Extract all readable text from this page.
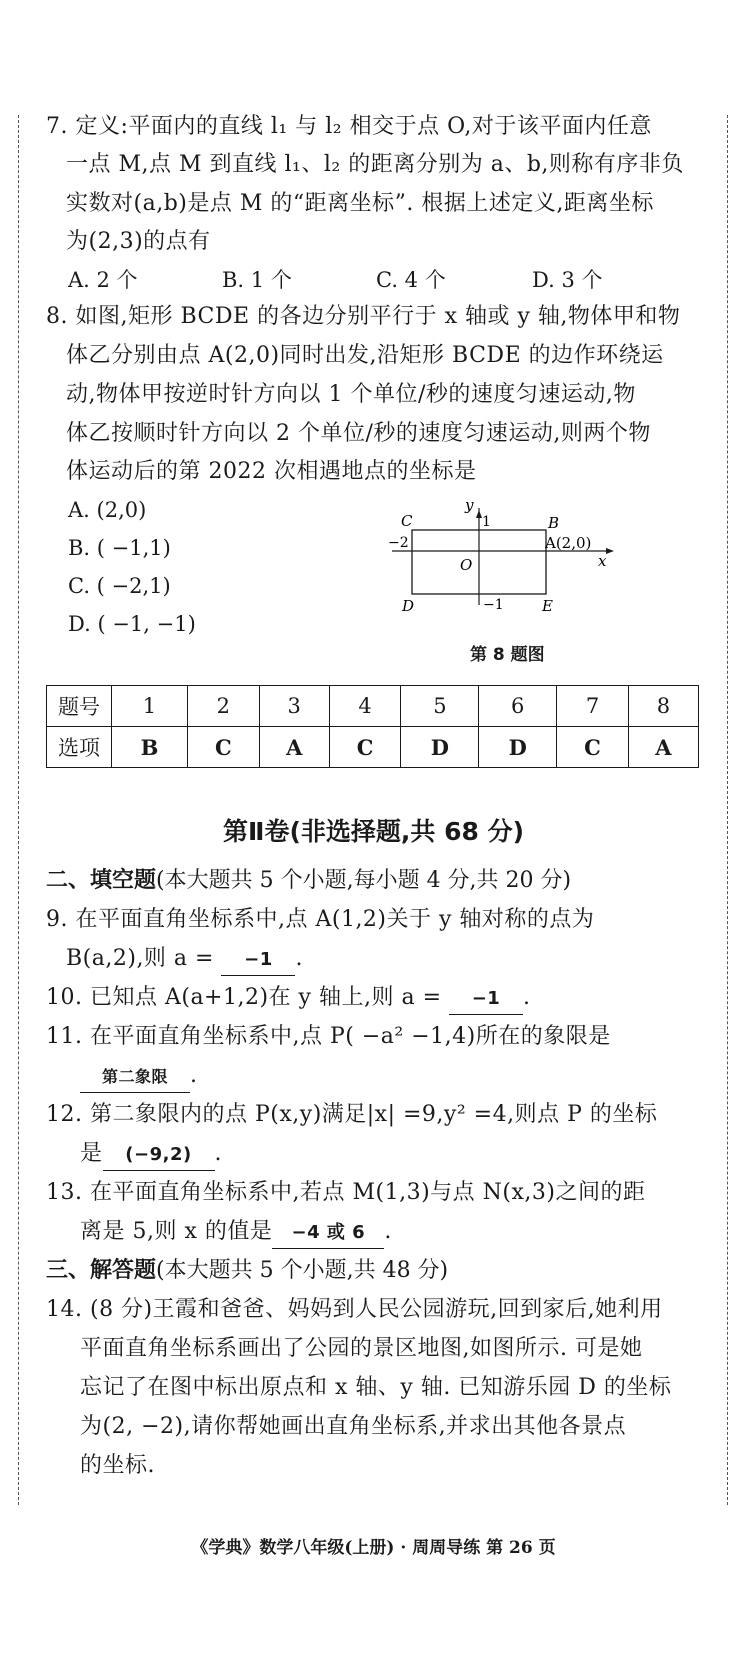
7. 定义:平面内的直线 l₁ 与 l₂ 相交于点 O,对于该平面内任意
一点 M,点 M 到直线 l₁、l₂ 的距离分别为 a、b,则称有序非负
实数对(a,b)是点 M 的“距离坐标”. 根据上述定义,距离坐标
为(2,3)的点有
A. 2 个	B. 1 个	C. 4 个	D. 3 个
8. 如图,矩形 BCDE 的各边分别平行于 x 轴或 y 轴,物体甲和物
体乙分别由点 A(2,0)同时出发,沿矩形 BCDE 的边作环绕运
动,物体甲按逆时针方向以 1 个单位/秒的速度匀速运动,物
体乙按顺时针方向以 2 个单位/秒的速度匀速运动,则两个物
体运动后的第 2022 次相遇地点的坐标是
A. (2,0)
B. ( −1,1)
C. ( −2,1)
D. ( −1, −1)
C	B
D	E
O
A(2,0)
x
y
1
−2
−1
第 8 题图
题号	1	2	3	4	5	6	7	8
选项	B	C	A	C	D	D	C	A
第Ⅱ卷(非选择题,共 68 分)
二、填空题(本大题共 5 个小题,每小题 4 分,共 20 分)
9. 在平面直角坐标系中,点 A(1,2)关于 y 轴对称的点为
B(a,2),则 a = −1 .
10. 已知点 A(a+1,2)在 y 轴上,则 a = −1 .
11. 在平面直角坐标系中,点 P( −a² −1,4)所在的象限是
第二象限 .
12. 第二象限内的点 P(x,y)满足|x| =9,y² =4,则点 P 的坐标
是 (−9,2) .
13. 在平面直角坐标系中,若点 M(1,3)与点 N(x,3)之间的距
离是 5,则 x 的值是 −4 或 6 .
三、解答题(本大题共 5 个小题,共 48 分)
14. (8 分)王霞和爸爸、妈妈到人民公园游玩,回到家后,她利用
平面直角坐标系画出了公园的景区地图,如图所示. 可是她
忘记了在图中标出原点和 x 轴、y 轴. 已知游乐园 D 的坐标
为(2, −2),请你帮她画出直角坐标系,并求出其他各景点
的坐标.
《学典》数学八年级(上册) · 周周导练 第 26 页
